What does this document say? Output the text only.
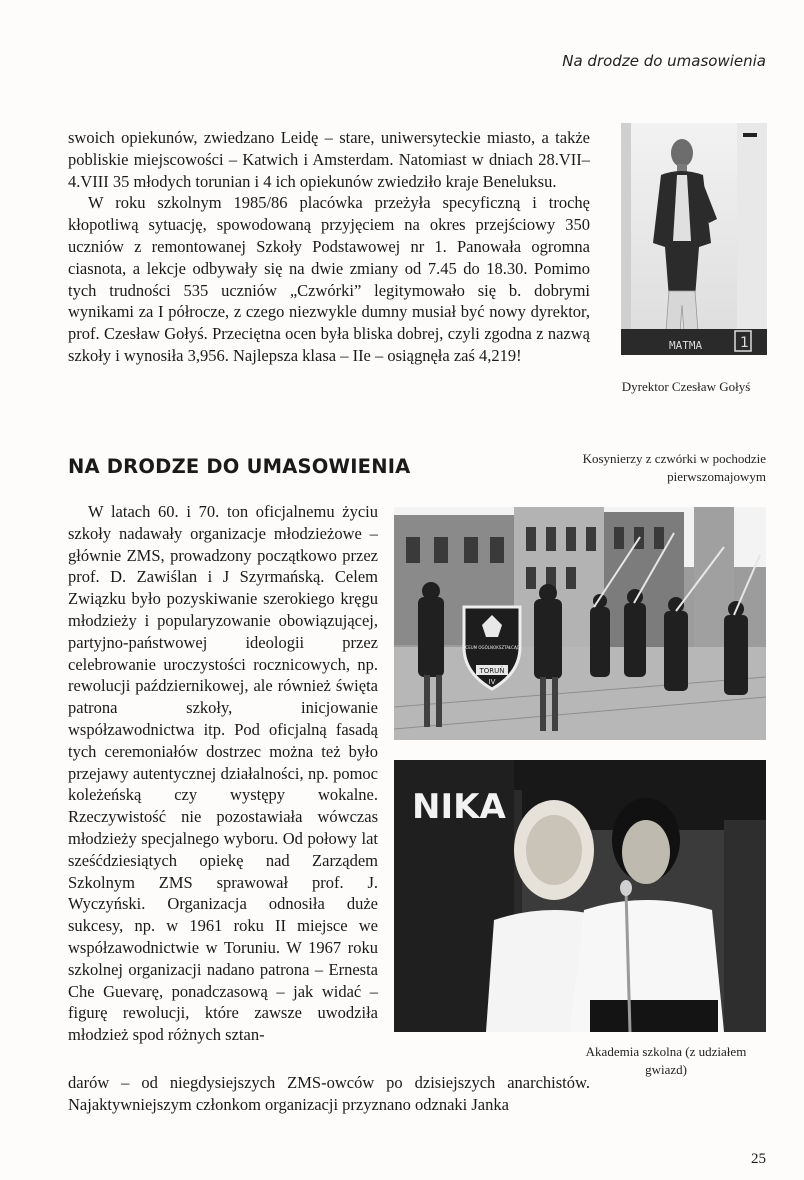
Na drodze do umasowienia

swoich opiekunów, zwiedzano Leidę – stare, uniwersyteckie miasto, a także pobliskie miejscowości – Katwich i Amsterdam. Natomiast w dniach 28.VII–4.VIII 35 młodych torunian i 4 ich opiekunów zwiedziło kraje Beneluksu.

W roku szkolnym 1985/86 placówka przeżyła specyficzną i trochę kłopotliwą sytuację, spowodowaną przyjęciem na okres przejściowy 350 uczniów z remontowanej Szkoły Podstawowej nr 1. Panowała ogromna ciasnota, a lekcje odbywały się na dwie zmiany od 7.45 do 18.30. Pomimo tych trudności 535 uczniów „Czwórki” legitymowało się b. dobrymi wynikami za I półrocze, z czego niezwykle dumny musiał być nowy dyrektor, prof. Czesław Gołyś. Przeciętna ocen była bliska dobrej, czyli zgodna z nazwą szkoły i wynosiła 3,956. Najlepsza klasa – IIe – osiągnęła zaś 4,219!

MATMA	1
Dyrektor Czesław Gołyś
NA DRODZE DO UMASOWIENIA	Kosynierzy z czwórki w pochodzie pierwszomajowym
LICEUM OGÓLNOKSZTAŁCĄCE
TORUŃ
IV

W latach 60. i 70. ton oficjalnemu życiu szkoły nadawały organizacje młodzieżowe – głównie ZMS, prowadzony początkowo przez prof. D. Zawiślan i J Szyrmańską. Celem Związku było pozyskiwanie szerokiego kręgu młodzieży i popularyzowanie obowiązującej, partyjno-państwowej ideologii przez celebrowanie uroczystości rocznicowych, np. rewolucji październikowej, ale również święta patrona szkoły, inicjowanie współzawodnictwa itp. Pod oficjalną fasadą tych ceremoniałów dostrzec można też było przejawy autentycznej działalności, np. pomoc koleżeńską czy występy wokalne. Rzeczywistość nie pozostawiała wówczas młodzieży specjalnego wyboru. Od połowy lat sześćdziesiątych opiekę nad Zarządem Szkolnym ZMS sprawował prof. J. Wyczyński. Organizacja odnosiła duże sukcesy, np. w 1961 roku II miejsce we współzawodnictwie w Toruniu. W 1967 roku szkolnej organizacji nadano patrona – Ernesta Che Guevarę, ponadczasową – jak widać – figurę rewolucji, które zawsze uwodziła młodzież spod różnych sztan-

NIKA
Akademia szkolna (z udziałem gwiazd)

darów – od niegdysiejszych ZMS-owców po dzisiejszych anarchistów. Najaktywniejszym członkom organizacji przyznano odznaki Janka

25
